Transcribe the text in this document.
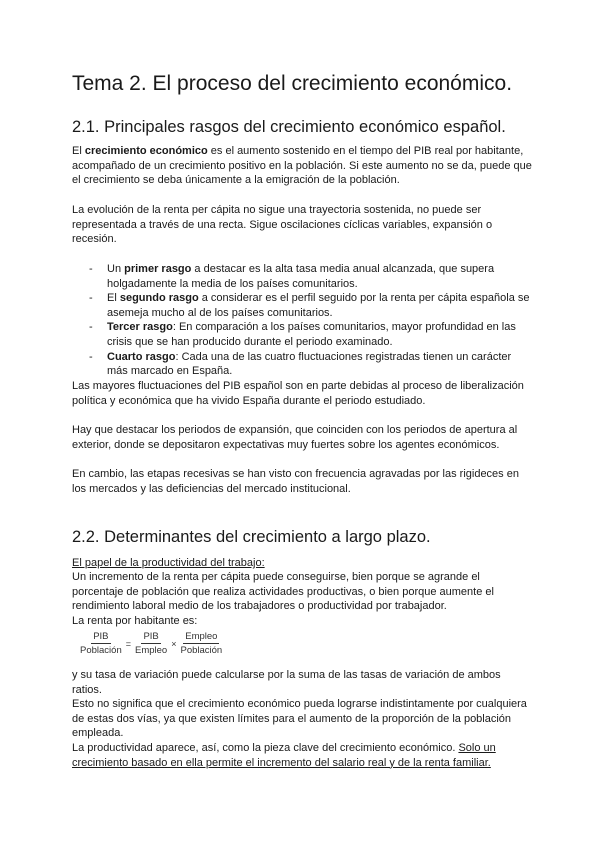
Tema 2. El proceso del crecimiento económico.
2.1. Principales rasgos del crecimiento económico español.

El crecimiento económico es el aumento sostenido en el tiempo del PIB real por habitante, acompañado de un crecimiento positivo en la población. Si este aumento no se da, puede que el crecimiento se deba únicamente a la emigración de la población.

La evolución de la renta per cápita no sigue una trayectoria sostenida, no puede ser representada a través de una recta. Sigue oscilaciones cíclicas variables, expansión o recesión.

- Un primer rasgo a destacar es la alta tasa media anual alcanzada, que supera holgadamente la media de los países comunitarios.
- El segundo rasgo a considerar es el perfil seguido por la renta per cápita española se asemeja mucho al de los países comunitarios.
- Tercer rasgo: En comparación a los países comunitarios, mayor profundidad en las crisis que se han producido durante el periodo examinado.
- Cuarto rasgo: Cada una de las cuatro fluctuaciones registradas tienen un carácter más marcado en España.

Las mayores fluctuaciones del PIB español son en parte debidas al proceso de liberalización política y económica que ha vivido España durante el periodo estudiado.

Hay que destacar los periodos de expansión, que coinciden con los periodos de apertura al exterior, donde se depositaron expectativas muy fuertes sobre los agentes económicos.

En cambio, las etapas recesivas se han visto con frecuencia agravadas por las rigideces en los mercados y las deficiencias del mercado institucional.

2.2. Determinantes del crecimiento a largo plazo.

El papel de la productividad del trabajo:

Un incremento de la renta per cápita puede conseguirse, bien porque se agrande el porcentaje de población que realiza actividades productivas, o bien porque aumente el rendimiento laboral medio de los trabajadores o productividad por trabajador.

La renta por habitante es:

$\frac{\text{PIB}}{\text{Población}} = \frac{\text{PIB}}{\text{Empleo}} \times \frac{\text{Empleo}}{\text{Población}}$

y su tasa de variación puede calcularse por la suma de las tasas de variación de ambos ratios.

Esto no significa que el crecimiento económico pueda lograrse indistintamente por cualquiera de estas dos vías, ya que existen límites para el aumento de la proporción de la población empleada.

La productividad aparece, así, como la pieza clave del crecimiento económico. Solo un crecimiento basado en ella permite el incremento del salario real y de la renta familiar.
